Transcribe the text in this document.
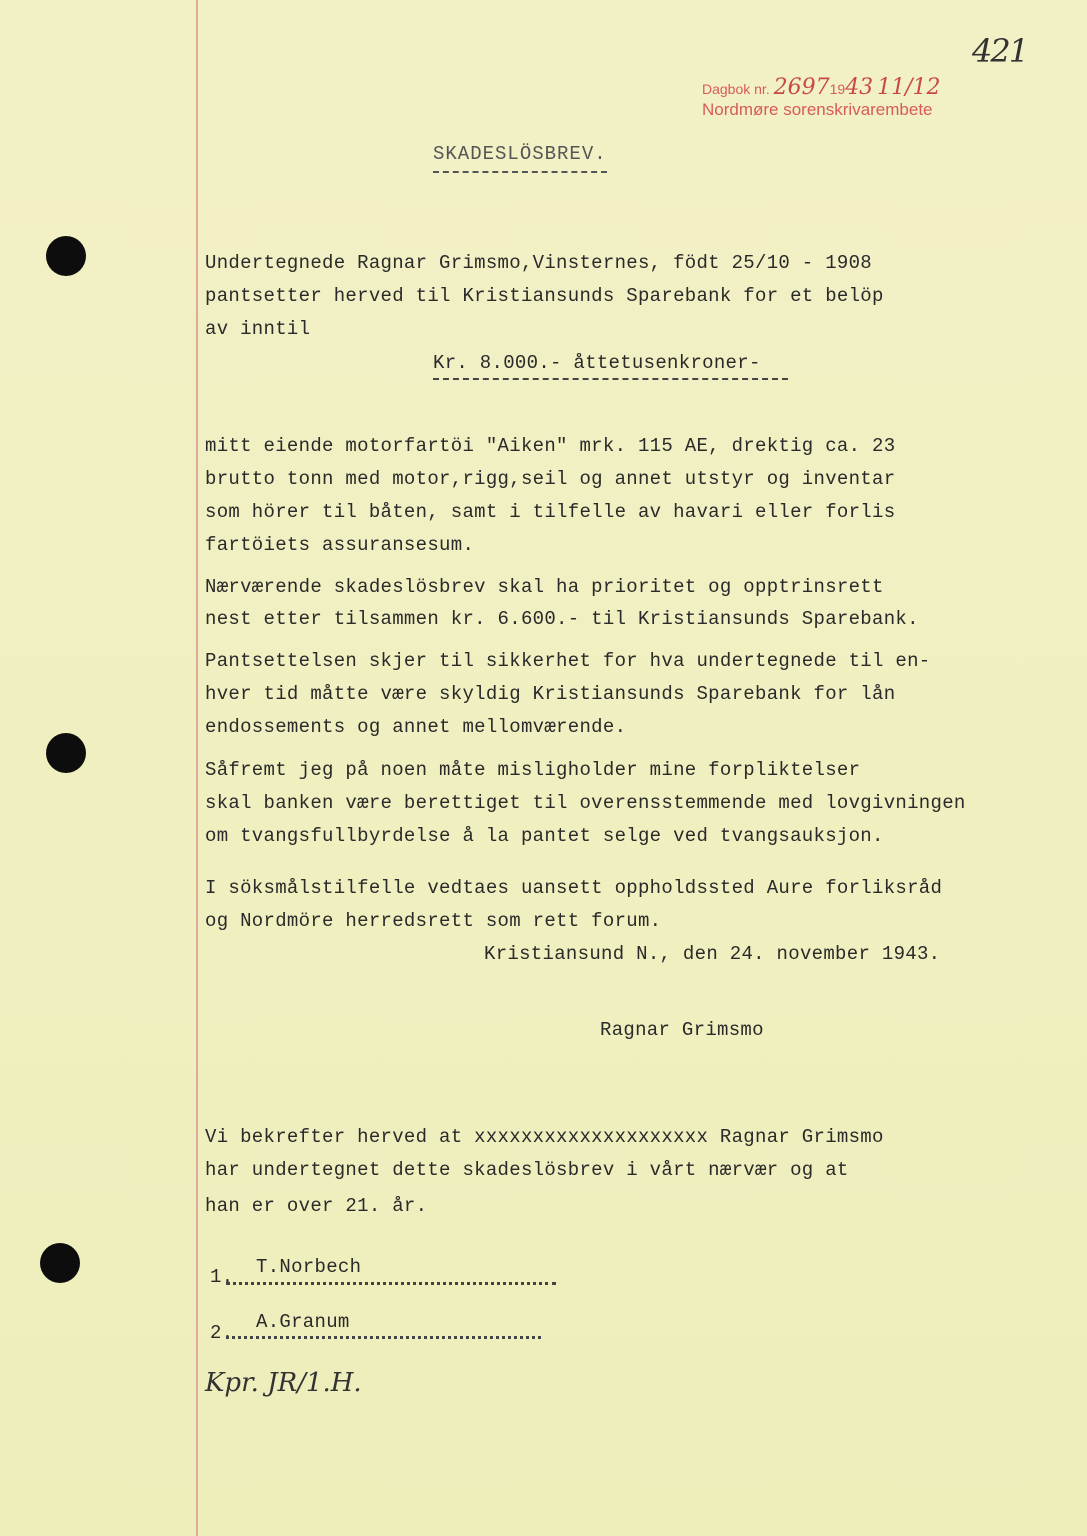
421
Dagbok nr. 26971943 11/12
Nordmøre sorenskrivarembete
SKADESLÖSBREV.
Undertegnede Ragnar Grimsmo,Vinsternes, födt 25/10 - 1908
pantsetter herved til Kristiansunds Sparebank for et belöp
av inntil
Kr. 8.000.- åttetusenkroner-
mitt eiende motorfartöi "Aiken" mrk. 115 AE, drektig ca. 23
brutto tonn med motor,rigg,seil og annet utstyr og inventar
som hörer til båten, samt i tilfelle av havari eller forlis
fartöiets assuransesum.
Nærværende skadeslösbrev skal ha prioritet og opptrinsrett
nest etter tilsammen kr. 6.600.- til Kristiansunds Sparebank.
Pantsettelsen skjer til sikkerhet for hva undertegnede til en-
hver tid måtte være skyldig Kristiansunds Sparebank for lån
endossements og annet mellomværende.
Såfremt jeg på noen måte misligholder mine forpliktelser
skal banken være berettiget til overensstemmende med lovgivningen
om tvangsfullbyrdelse å la pantet selge ved tvangsauksjon.
I söksmålstilfelle vedtaes uansett oppholdssted Aure forliksråd
og Nordmöre herredsrett som rett forum.
Kristiansund N., den 24. november 1943.
Ragnar Grimsmo
Vi bekrefter herved at xxxxxxxxxxxxxxxxxxxx Ragnar Grimsmo
har undertegnet dette skadeslösbrev i vårt nærvær og at
han er over 21. år.
1. T.Norbech
2. A.Granum
Kpr. JR/1.H.
